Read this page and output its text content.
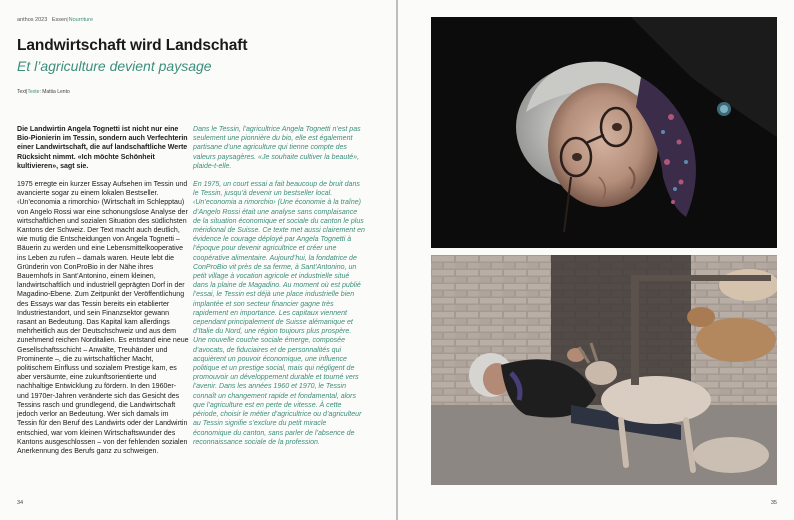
anthos 2023 Essen|Nourriture
Landwirtschaft wird Landschaft
Et l’agriculture devient paysage
Text|Texte: Mattia Lento

Die Landwirtin Angela Tognetti ist nicht nur eine Bio-Pionierin im Tessin, sondern auch Verfechterin einer Landwirtschaft, die auf landschaftliche Werte Rücksicht nimmt. «Ich möchte Schönheit kultivieren», sagt sie.

1975 erregte ein kurzer Essay Aufsehen im Tessin und avancierte sogar zu einem lokalen Bestseller. ‹Un’economia a rimorchio› (Wirtschaft im Schlepptau) von Angelo Rossi war eine schonungslose Analyse der wirtschaftlichen und sozialen Situation des südlichsten Kantons der Schweiz. Der Text macht auch deutlich, wie mutig die Entscheidungen von Angela Tognetti – Bäuerin zu werden und eine Lebensmittelkooperative ins Leben zu rufen – damals waren. Heute lebt die Gründerin von ConProBio in der Nähe ihres Bauernhofs in Sant’Antonino, einem kleinen, landwirtschaftlich und industriell geprägten Dorf in der Magadino-Ebene. Zum Zeitpunkt der Veröffentlichung des Essays war das Tessin bereits ein etablierter Industriestandort, und sein Finanzsektor gewann rasant an Bedeutung. Das Kapital kam allerdings mehrheitlich aus der Deutschschweiz und aus dem zunehmend reichen Norditalien. Es entstand eine neue Gesellschaftsschicht – Anwälte, Treuhänder und Prominente –, die zu wirtschaftlicher Macht, politischem Einfluss und sozialem Prestige kam, es aber versäumte, eine zukunftsorientierte und nachhaltige Entwicklung zu fördern. In den 1960er- und 1970er-Jahren veränderte sich das Gesicht des Tessins rasch und grundlegend, die Landwirtschaft jedoch verlor an Bedeutung. Wer sich damals im Tessin für den Beruf des Landwirts oder der Landwirtin entschied, war vom kleinen Wirtschaftswunder des Kantons ausgeschlossen – von der fehlenden sozialen Anerkennung des Berufs ganz zu schweigen.

Dans le Tessin, l’agricultrice Angela Tognetti n’est pas seulement une pionnière du bio, elle est également partisane d’une agriculture qui tienne compte des valeurs paysagères. «Je souhaite cultiver la beauté», plaide-t-elle.

En 1975, un court essai a fait beaucoup de bruit dans le Tessin, jusqu’à devenir un bestseller local. ‹Un’economia a rimorchio› (Une économie à la traîne) d’Angelo Rossi était une analyse sans complaisance de la situation économique et sociale du canton le plus méridional de Suisse. Ce texte met aussi clairement en évidence le courage déployé par Angela Tognetti à l’époque pour devenir agricultrice et créer une coopérative alimentaire. Aujourd’hui, la fondatrice de ConProBio vit près de sa ferme, à Sant’Antonino, un petit village à vocation agricole et industrielle situé dans la plaine de Magadino. Au moment où est publié l’essai, le Tessin est déjà une place industrielle bien implantée et son secteur financier gagne très rapidement en importance. Les capitaux viennent cependant principalement de Suisse alémanique et d’Italie du Nord, une région toujours plus prospère. Une nouvelle couche sociale émerge, composée d’avocats, de fiduciaires et de personnalités qui acquièrent un pouvoir économique, une influence politique et un prestige social, mais qui négligent de promouvoir un développement durable et tourné vers l’avenir. Dans les années 1960 et 1970, le Tessin connaît un changement rapide et fondamental, alors que l’agriculture est en perte de vitesse. À cette période, choisir le métier d’agricultrice ou d’agriculteur au Tessin signifie s’exclure du petit miracle économique du canton, sans parler de l’absence de reconnaissance sociale de la profession.

34	35
